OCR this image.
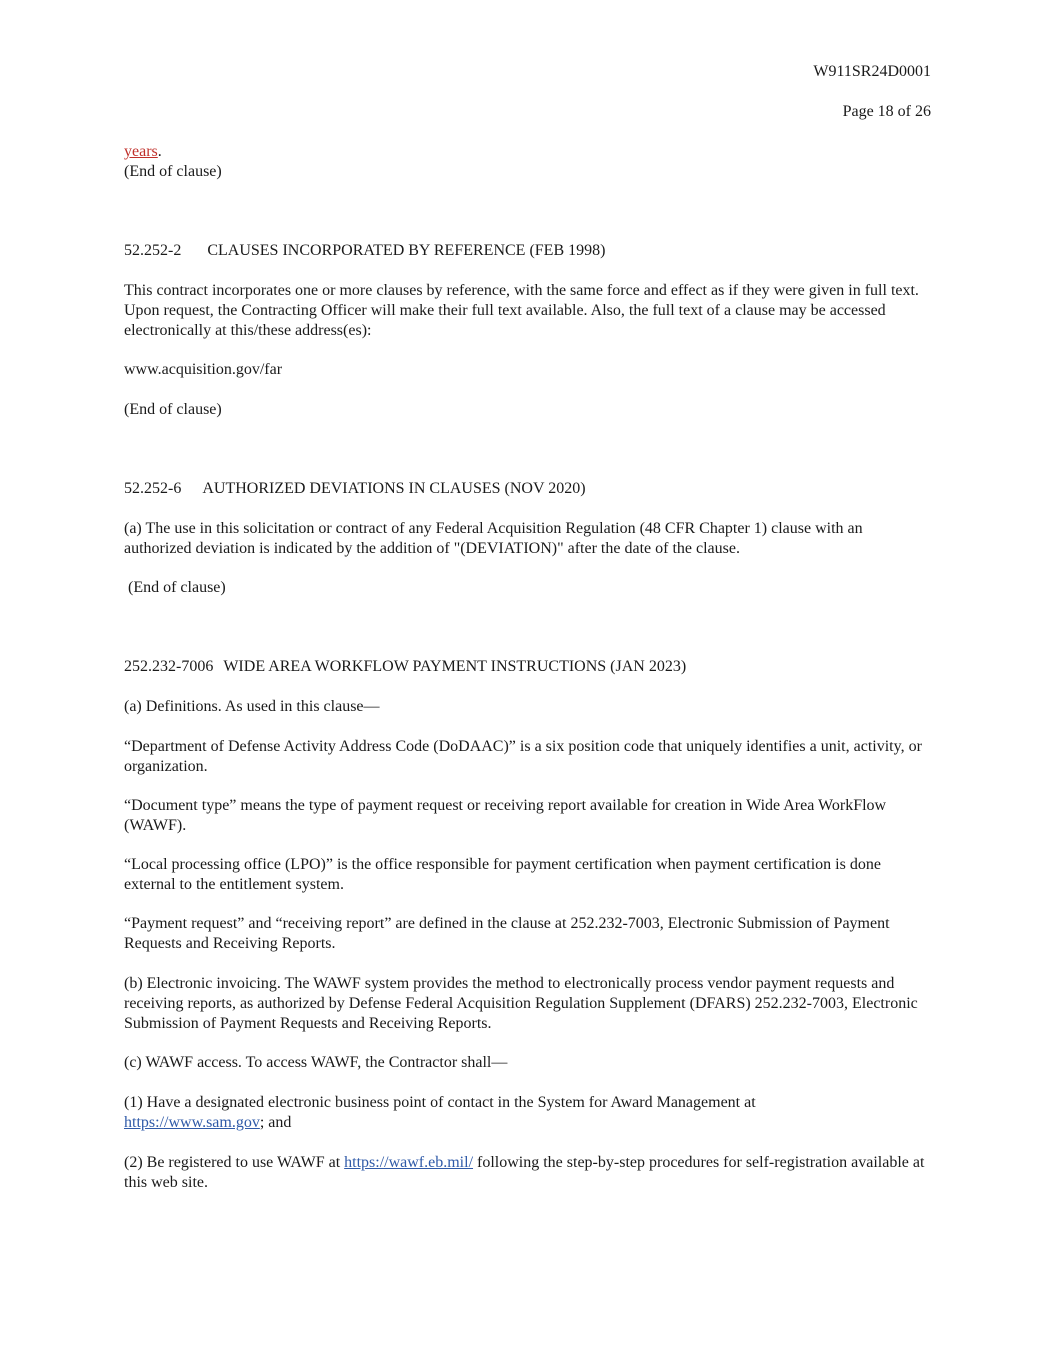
W911SR24D0001
Page 18 of 26
years.
(End of clause)
52.252-2 CLAUSES INCORPORATED BY REFERENCE (FEB 1998)

This contract incorporates one or more clauses by reference, with the same force and effect as if they were given in full text. Upon request, the Contracting Officer will make their full text available. Also, the full text of a clause may be accessed electronically at this/these address(es):

www.acquisition.gov/far

(End of clause)

52.252-6 AUTHORIZED DEVIATIONS IN CLAUSES (NOV 2020)

(a) The use in this solicitation or contract of any Federal Acquisition Regulation (48 CFR Chapter 1) clause with an authorized deviation is indicated by the addition of "(DEVIATION)" after the date of the clause.

(End of clause)

252.232-7006 WIDE AREA WORKFLOW PAYMENT INSTRUCTIONS (JAN 2023)

(a) Definitions. As used in this clause—

“Department of Defense Activity Address Code (DoDAAC)” is a six position code that uniquely identifies a unit, activity, or organization.

“Document type” means the type of payment request or receiving report available for creation in Wide Area WorkFlow (WAWF).

“Local processing office (LPO)” is the office responsible for payment certification when payment certification is done external to the entitlement system.

“Payment request” and “receiving report” are defined in the clause at 252.232-7003, Electronic Submission of Payment Requests and Receiving Reports.

(b) Electronic invoicing. The WAWF system provides the method to electronically process vendor payment requests and receiving reports, as authorized by Defense Federal Acquisition Regulation Supplement (DFARS) 252.232-7003, Electronic Submission of Payment Requests and Receiving Reports.

(c) WAWF access. To access WAWF, the Contractor shall—

(1) Have a designated electronic business point of contact in the System for Award Management at
https://www.sam.gov; and
(2) Be registered to use WAWF at https://wawf.eb.mil/ following the step-by-step procedures for self-registration available at this web site.
